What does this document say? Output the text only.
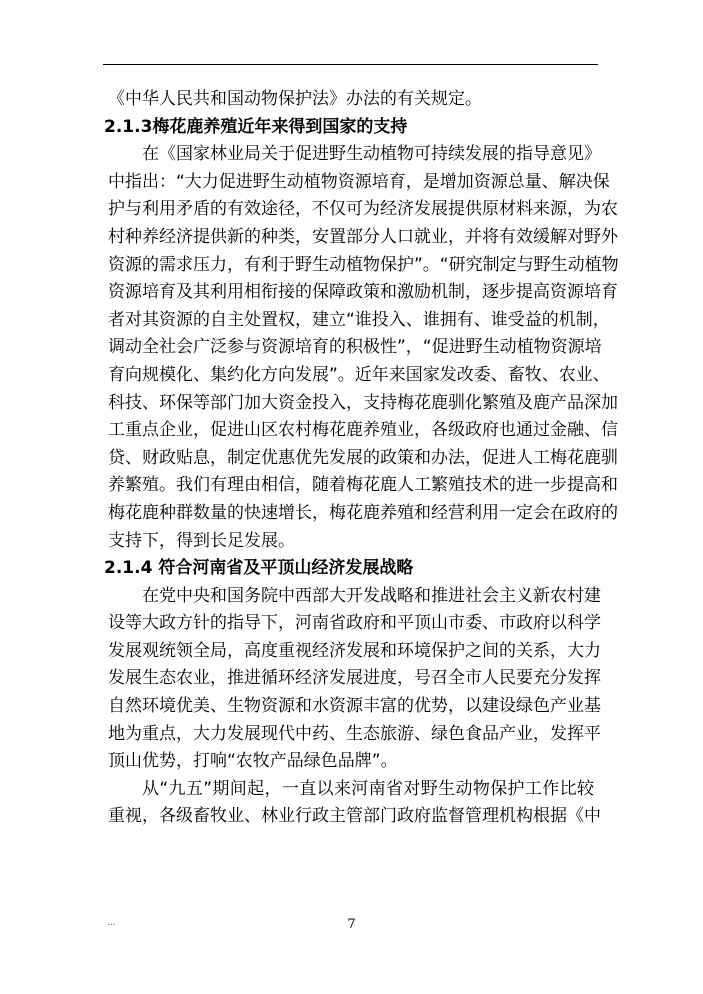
《中华人民共和国动物保护法》办法的有关规定。
2.1.3梅花鹿养殖近年来得到国家的支持
在《国家林业局关于促进野生动植物可持续发展的指导意见》
中指出：“大力促进野生动植物资源培育，是增加资源总量、解决保
护与利用矛盾的有效途径，不仅可为经济发展提供原材料来源，为农
村种养经济提供新的种类，安置部分人口就业，并将有效缓解对野外
资源的需求压力，有利于野生动植物保护”。“研究制定与野生动植物
资源培育及其利用相衔接的保障政策和激励机制，逐步提高资源培育
者对其资源的自主处置权，建立“谁投入、谁拥有、谁受益的机制，
调动全社会广泛参与资源培育的积极性”，“促进野生动植物资源培
育向规模化、集约化方向发展”。近年来国家发改委、畜牧、农业、
科技、环保等部门加大资金投入，支持梅花鹿驯化繁殖及鹿产品深加
工重点企业，促进山区农村梅花鹿养殖业，各级政府也通过金融、信
贷、财政贴息，制定优惠优先发展的政策和办法，促进人工梅花鹿驯
养繁殖。我们有理由相信，随着梅花鹿人工繁殖技术的进一步提高和
梅花鹿种群数量的快速增长，梅花鹿养殖和经营利用一定会在政府的
支持下，得到长足发展。
2.1.4 符合河南省及平顶山经济发展战略
在党中央和国务院中西部大开发战略和推进社会主义新农村建
设等大政方针的指导下，河南省政府和平顶山市委、市政府以科学
发展观统领全局，高度重视经济发展和环境保护之间的关系，大力
发展生态农业，推进循环经济发展进度，号召全市人民要充分发挥
自然环境优美、生物资源和水资源丰富的优势，以建设绿色产业基
地为重点，大力发展现代中药、生态旅游、绿色食品产业，发挥平
顶山优势，打响“农牧产品绿色品牌”。
从“九五”期间起，一直以来河南省对野生动物保护工作比较
重视，各级畜牧业、林业行政主管部门政府监督管理机构根据《中
...	7
